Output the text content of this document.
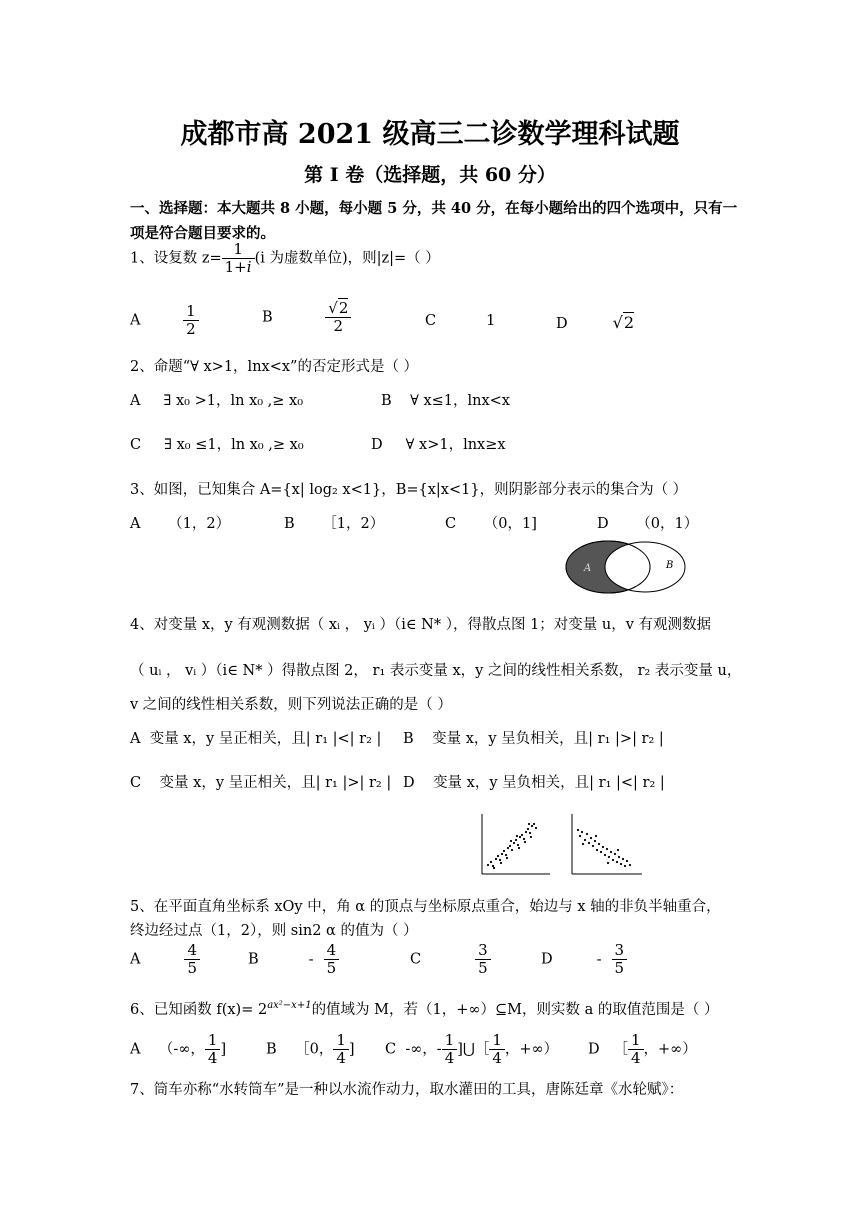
成都市高 2021 级高三二诊数学理科试题
第 I 卷（选择题，共 60 分）
一、选择题：本大题共 8 小题，每小题 5 分，共 40 分，在每小题给出的四个选项中，只有一项是符合题目要求的。
1、设复数 $z= \frac{1}{1+i} (i$ 为虚数单位)，则|z|=（ ）
A	$\frac{1}{2}$	B	$\frac{√2}{2}$	C	1	D	√2
2、命题“∀ x>1，lnx<x”的否定形式是（ ）
A     ∃ x₀ >1，ln x₀ ,≥ x₀	B    ∀ x≤1，lnx<x
C     ∃ x₀ ≤1，ln x₀ ,≥ x₀	D     ∀ x>1，lnx≥x
3、如图，已知集合 A={x| log₂ x<1}，B={x|x<1}，则阴影部分表示的集合为（ ）
A      （1，2）	B      ［1，2）	C      （0，1]	D      （0，1）
A	B
4、对变量 x，y 有观测数据（ xᵢ ， yᵢ ）（i∈ N* ），得散点图 1；对变量 u，v 有观测数据
（ uᵢ ， vᵢ ）（i∈ N* ）得散点图 2， r₁ 表示变量 x，y 之间的线性相关系数， r₂ 表示变量 u，
v 之间的线性相关系数，则下列说法正确的是（ ）
A  变量 x，y 呈正相关，且| r₁ |<| r₂ | B    变量 x，y 呈负相关，且| r₁ |>| r₂ |
C    变量 x，y 呈正相关，且| r₁ |>| r₂ | D    变量 x，y 呈负相关，且| r₁ |<| r₂ |
5、在平面直角坐标系 xOy 中，角 α 的顶点与坐标原点重合，始边与 x 轴的非负半轴重合，
终边经过点（1，2），则 sin2 α 的值为（ ）
A	$\frac{4}{5}$	B	- $\frac{4}{5}$	C	$\frac{3}{5}$	D	- $\frac{3}{5}$
6、已知函数 $f(x)= 2^{ax^2-x+1}$的值域为 M，若（1，+∞）⊆M，则实数 a 的取值范围是（ ）
A    （-∞， $\frac{1}{4}$ ]	B    ［0， $\frac{1}{4}$ ] C  -∞，- $\frac{1}{4}$ ]⋃［ $\frac{1}{4}$ ，+∞） D   ［ $\frac{1}{4}$ ，+∞）
7、筒车亦称“水转筒车”是一种以水流作动力，取水灌田的工具，唐陈廷章《水轮赋》：
